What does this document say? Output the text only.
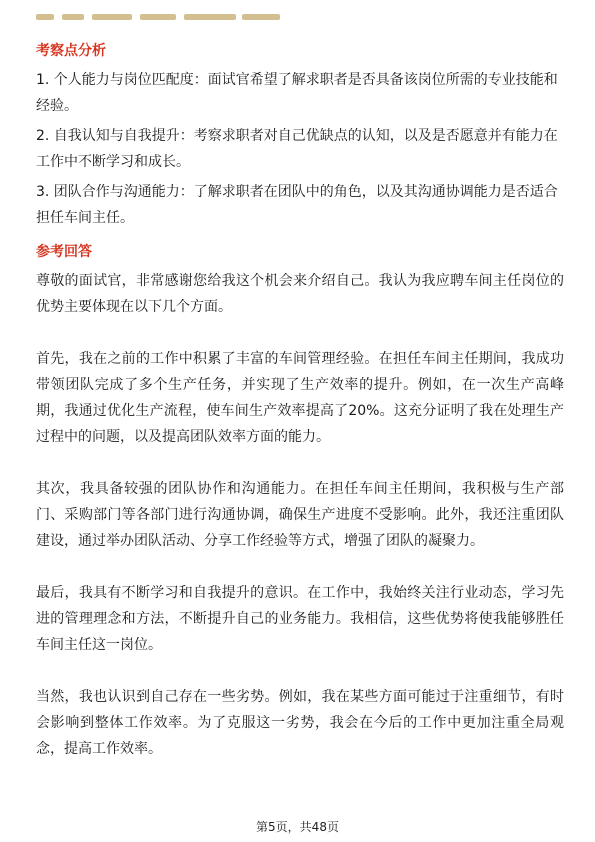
考察点分析

1. 个人能力与岗位匹配度：面试官希望了解求职者是否具备该岗位所需的专业技能和经验。

2. 自我认知与自我提升：考察求职者对自己优缺点的认知，以及是否愿意并有能力在工作中不断学习和成长。

3. 团队合作与沟通能力：了解求职者在团队中的角色，以及其沟通协调能力是否适合担任车间主任。

参考回答

尊敬的面试官，非常感谢您给我这个机会来介绍自己。我认为我应聘车间主任岗位的优势主要体现在以下几个方面。

首先，我在之前的工作中积累了丰富的车间管理经验。在担任车间主任期间，我成功带领团队完成了多个生产任务，并实现了生产效率的提升。例如，在一次生产高峰期，我通过优化生产流程，使车间生产效率提高了20%。这充分证明了我在处理生产过程中的问题，以及提高团队效率方面的能力。

其次，我具备较强的团队协作和沟通能力。在担任车间主任期间，我积极与生产部门、采购部门等各部门进行沟通协调，确保生产进度不受影响。此外，我还注重团队建设，通过举办团队活动、分享工作经验等方式，增强了团队的凝聚力。

最后，我具有不断学习和自我提升的意识。在工作中，我始终关注行业动态，学习先进的管理理念和方法，不断提升自己的业务能力。我相信，这些优势将使我能够胜任车间主任这一岗位。

当然，我也认识到自己存在一些劣势。例如，我在某些方面可能过于注重细节，有时会影响到整体工作效率。为了克服这一劣势，我会在今后的工作中更加注重全局观念，提高工作效率。

第5页，共48页
